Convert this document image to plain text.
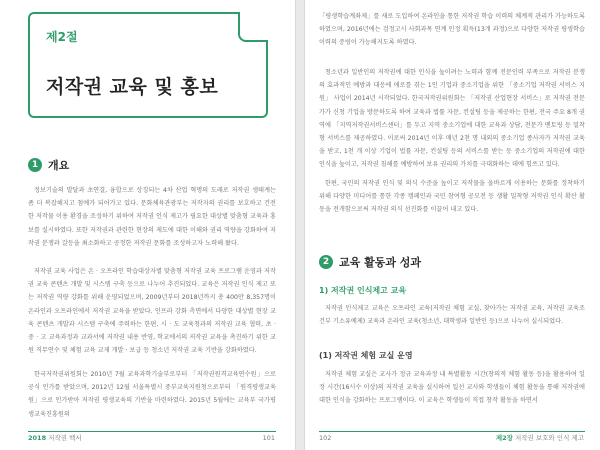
제2절
저작권 교육 및 홍보
1 개요

정보기술의 발달과 초연결, 융합으로 상징되는 4차 산업 혁명의 도래로 저작권 생태계는 좀 더 복잡해지고 첨예가 되어가고 있다. 문화체육관광부는 저작자의 권리를 보호하고 건전한 저작물 이용 환경을 조성하기 위하여 저작권 인식 제고가 필요한 대상별 맞춤형 교육과 홍보를 실시하였다. 또한 저작권과 관련한 현장의 제도에 대한 이해와 권리 역량을 강화하여 저작권 분쟁과 갈등을 최소화하고 공정한 저작권 문화를 조성하고자 노력해 왔다.

저작권 교육 사업은 온 · 오프라인 학습대상자별 맞춤형 저작권 교육 프로그램 운영과 저작권 교육 콘텐츠 개발 및 시스템 구축 등으로 나누어 추진되었다. 교육은 저작권 인식 제고 또는 저작권 역량 강화를 위해 운영되었으며, 2009년부터 2018년까지 총 400만 8,357명이 온라인과 오프라인에서 저작권 교육을 받았다. 인프라 강화 측면에서 다양한 대상별 현장 교육 콘텐츠 개발과 시스템 구축에 주력하는 한편, 시 · 도 교육청과의 저작권 교육 협력, 초 · 중 · 고 교육과정과 교과서에 저작권 내용 반영, 학교에서의 저작권 교육을 촉진하기 위한 교원 직무연수 및 체험 교육 교재 개발 · 보급 등 청소년 저작권 교육 기반을 강화하였다.

한국저작권위원회는 2010년 7월 교육과학기술부로부터 「저작권원격교육연수원」으로 공식 인가를 받았으며, 2012년 12월 서울특별시 중부교육지원청으로부터 「원격평생교육원」으로 인가받아 저작권 평생교육의 기반을 마련하였다. 2015년 5월에는 교육부 국가평생교육진흥원의

2018 저작권 백서	101

「평생학습계좌제」를 새로 도입하여 온라인을 통한 저작권 학습 이력의 체계적 관리가 가능하도록 하였으며, 2016년에는 검정고시 사회과목 연계 인정 획득(13개 과정)으로 다양한 저작권 평생학습 이력의 증빙이 가능해지도록 하였다.

청소년과 일반인의 저작권에 대한 인식을 높이려는 노력과 함께 전문인력 부족으로 저작권 분쟁의 효과적인 예방과 대응에 애로를 겪는 1인 기업과 중소기업을 위한 「중소기업 저작권 서비스 지원」 사업이 2014년 시작되었다. 한국저작권위원회는 「저작권 산업현장 서비스」로 저작권 전문가가 신청 기업을 방문하도록 하여 교육과 법률 자문, 컨설팅 등을 제공하는 한편, 전국 주요 8개 권역에 「지역저작권서비스센터」를 두고 지역 중소기업에 대한 교육과 상담, 전문가 멘토링 등 밀착형 서비스를 제공하였다. 이로써 2014년 이후 매년 2천 명 내외의 중소기업 종사자가 저작권 교육을 받고, 1천 개 이상 기업이 법률 자문, 컨설팅 등의 서비스를 받는 등 중소기업의 저작권에 대한 인식을 높이고, 저작권 침해를 예방하여 보유 권리의 가치를 극대화하는 데에 힘쓰고 있다.

한편, 국민의 저작권 인식 및 의식 수준을 높이고 저작물을 올바르게 이용하는 문화를 정착하기 위해 다양한 미디어를 통한 각종 캠페인과 국민 참여형 공모전 등 생활 밀착형 저작권 인식 확산 활동을 전개함으로써 저작권 의식 선진화를 이끌어 내고 있다.

2 교육 활동과 성과
1) 저작권 인식제고 교육

저작권 인식제고 교육은 오프라인 교육(저작권 체험 교실, 찾아가는 저작권 교육, 저작권 교육조건부 기소유예제) 교육과 온라인 교육(청소년, 대학생과 일반인 등)으로 나누어 실시되었다.

(1) 저작권 체험 교실 운영

저작권 체험 교실은 교사가 정규 교육과정 내 특별활동 시간(창의적 체험 활동 등)을 활용하여 일정 시간(16시수 이상)의 저작권 교육을 실시하여 일선 교사와 학생들이 체험 활동을 통해 저작권에 대한 인식을 강화하는 프로그램이다. 이 교육은 학생들이 직접 창작 활동을 하면서

102	제2장 저작권 보호와 인식 제고
